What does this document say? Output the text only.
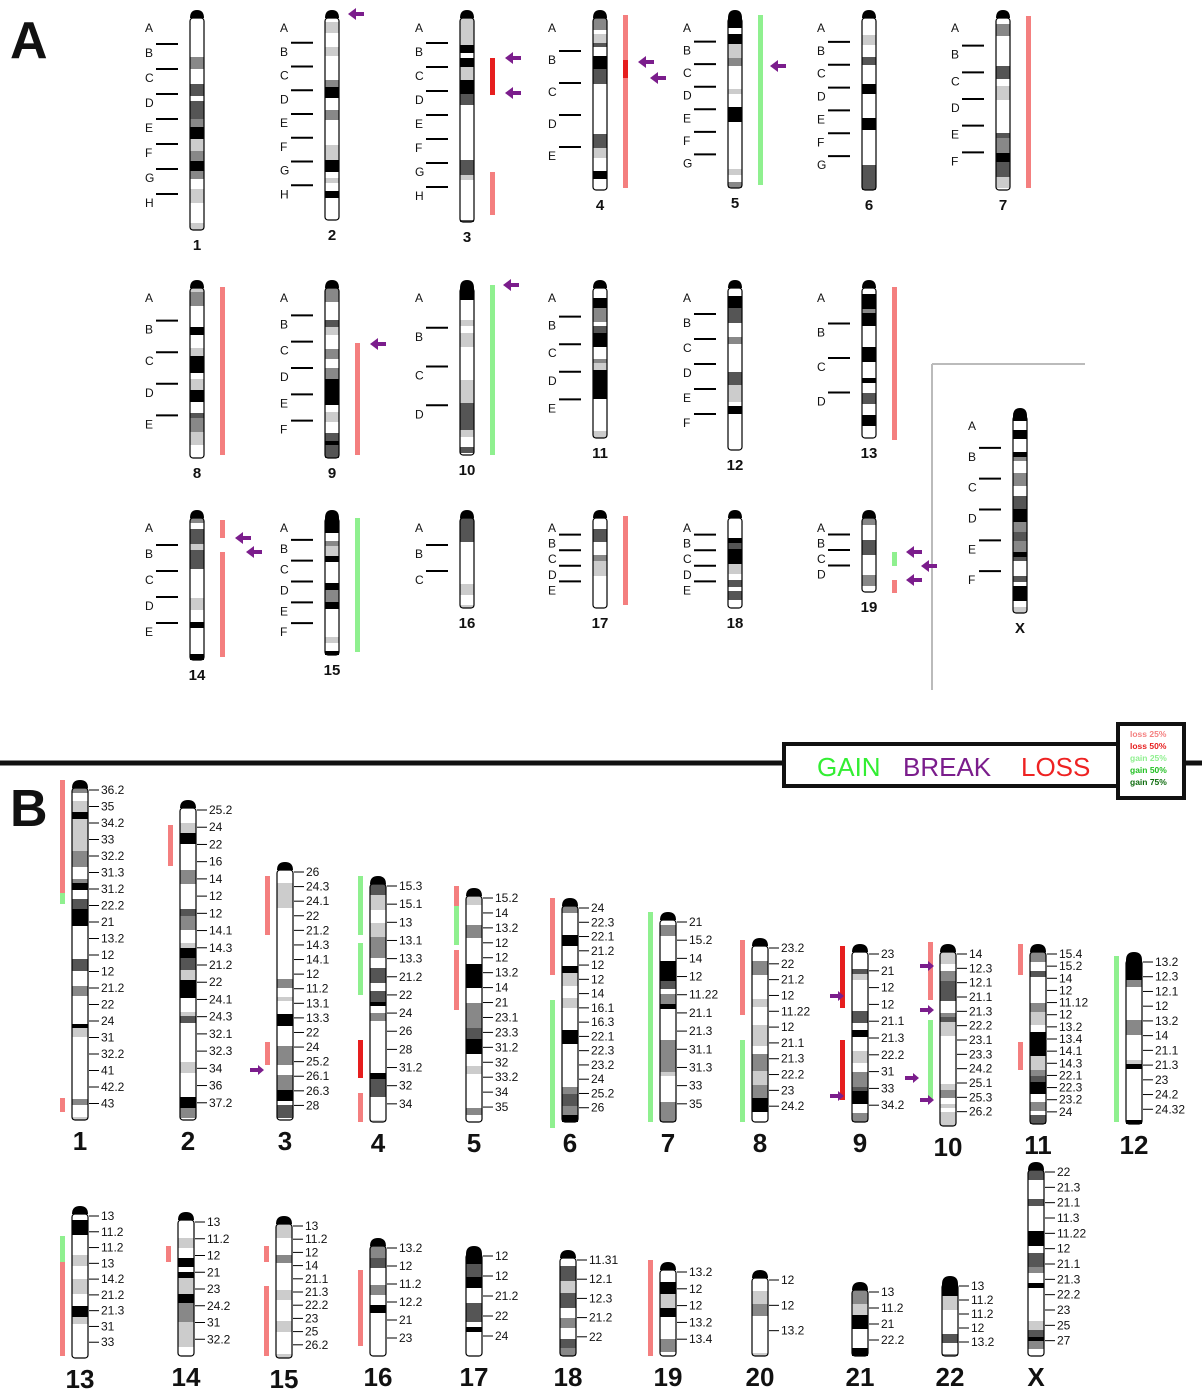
A
B
GAIN BREAK LOSS
loss 25%
loss 50%
gain 25%
gain 50%
gain 75%
A
B
C
D
E
F
G
H
1
A
B
C
D
E
F
G
H
2
A
B
C
D
E
F
G
H
3
A
B
C
D
E
4
A
B
C
D
E
F
G
5
A
B
C
D
E
F
G
6
A
B
C
D
E
F
7
A
B
C
D
E
8
A
B
C
D
E
F
9
A
B
C
D
10
A
B
C
D
E
11
A
B
C
D
E
F
12
A
B
C
D
13
A
B
C
D
E
14
A
B
C
D
E
F
15
A
B
C
16
A
B
C
D
E
17
A
B
C
D
E
18
A
B
C
D
19
A
B
C
D
E
F
X
36.2
35
34.2
33
32.2
31.3
31.2
22.2
21
13.2
12
12
21.2
22
24
31
32.2
41
42.2
43
1
25.2
24
22
16
14
12
12
14.1
14.3
21.2
22
24.1
24.3
32.1
32.3
34
36
37.2
2
26
24.3
24.1
22
21.2
14.3
14.1
12
11.2
13.1
13.3
22
24
25.2
26.1
26.3
28
3
15.3
15.1
13
13.1
13.3
21.2
22
24
26
28
31.2
32
34
4
15.2
14
13.2
12
12
13.2
14
21
23.1
23.3
31.2
32
33.2
34
35
5
24
22.3
22.1
21.2
12
12
14
16.1
16.3
22.1
22.3
23.2
24
25.2
26
6
21
15.2
14
12
11.22
21.1
21.3
31.1
31.3
33
35
7
23.2
22
21.2
12
11.22
12
21.1
21.3
22.2
23
24.2
8
23
21
12
12
21.1
21.3
22.2
31
33
34.2
9
14
12.3
12.1
21.1
21.3
22.2
23.1
23.3
24.2
25.1
25.3
26.2
10
15.4
15.2
14
12
11.12
12
13.2
13.4
14.1
14.3
22.1
22.3
23.2
24
11
13.2
12.3
12.1
12
13.2
14
21.1
21.3
23
24.2
24.32
12
13
11.2
11.2
13
14.2
21.2
21.3
31
33
13
13
11.2
12
21
23
24.2
31
32.2
14
13
11.2
12
14
21.1
21.3
22.2
23
25
26.2
15
13.2
12
11.2
12.2
21
23
16
12
12
21.2
22
24
17
11.31
12.1
12.3
21.2
22
18
13.2
12
12
13.2
13.4
19
12
12
13.2
20
13
11.2
21
22.2
21
13
11.2
11.2
12
13.2
22
22
21.3
21.1
11.3
11.22
12
21.1
21.3
22.2
23
25
27
X
